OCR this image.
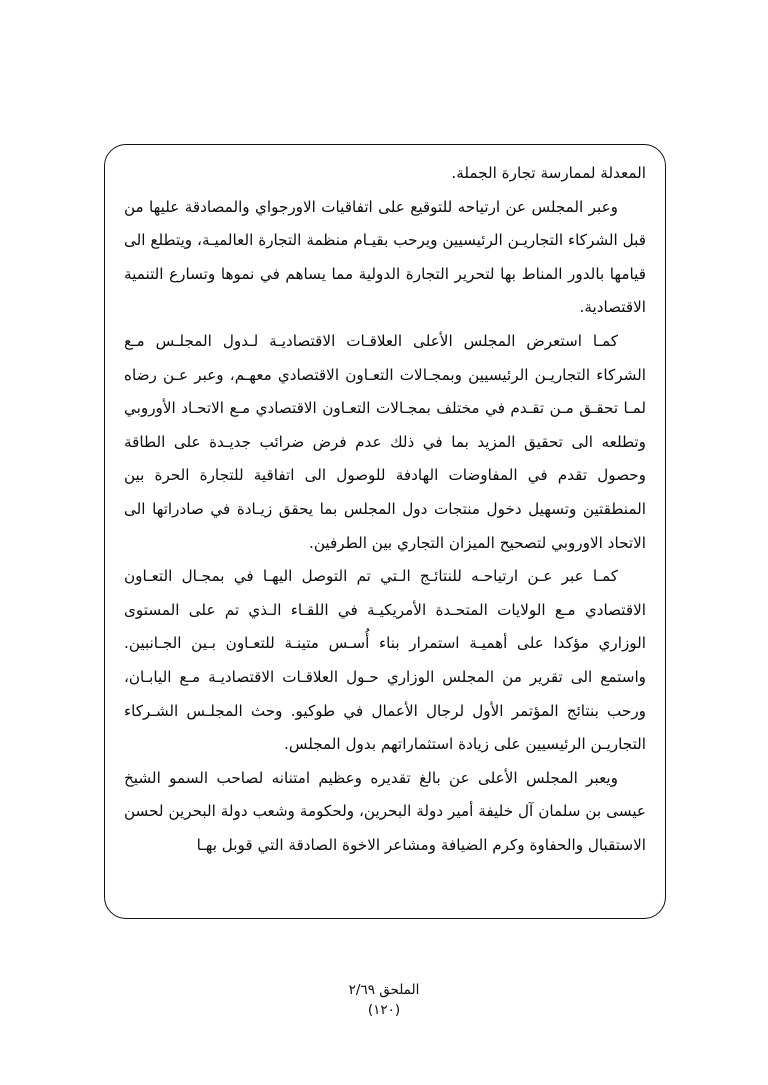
المعدلة لممارسة تجارة الجملة.

وعبر المجلس عن ارتياحه للتوقيع على اتفاقيات الاورجواي والمصادقة عليها من قبل الشركاء التجاريـن الرئيسيين ويرحب بقيـام منظمة التجارة العالميـة، ويتطلع الى قيامها بالدور المناط بها لتحرير التجارة الدولية مما يساهم في نموها وتسارع التنمية الاقتصادية.

كمـا استعرض المجلس الأعلى العلاقـات الاقتصاديـة لـدول المجلـس مـع الشركاء التجاريـن الرئيسيين وبمجـالات التعـاون الاقتصادي معهـم، وعبر عـن رضاه لمـا تحقـق مـن تقـدم في مختلف بمجـالات التعـاون الاقتصادي مـع الاتحـاد الأوروبي وتطلعه الى تحقيق المزيد بما في ذلك عدم فرض ضرائب جديـدة على الطاقة وحصول تقدم في المفاوضات الهادفة للوصول الى اتفاقية للتجارة الحرة بين المنطقتين وتسهيل دخول منتجات دول المجلس بما يحقق زيـادة في صادراتها الى الاتحاد الاوروبي لتصحيح الميزان التجاري بين الطرفين.

كمـا عبر عـن ارتياحـه للنتائـج الـتي تم التوصل اليهـا في بمجـال التعـاون الاقتصادي مـع الولايات المتحـدة الأمريكيـة في اللقـاء الـذي تم على المستوى الوزاري مؤكدا على أهميـة استمرار بناء أُسـس متينـة للتعـاون بـين الجـانبين. واستمع الى تقرير من المجلس الوزاري حـول العلاقـات الاقتصاديـة مـع اليابـان، ورحب بنتائج المؤتمر الأول لرجال الأعمال في طوكيو. وحث المجلـس الشـركاء التجاريـن الرئيسيين على زيادة استثماراتهم بدول المجلس.

ويعبر المجلس الأعلى عن بالغ تقديره وعظيم امتنانه لصاحب السمو الشيخ عيسى بن سلمان آل خليفة أمير دولة البحرين، ولحكومة وشعب دولة البحرين لحسن الاستقبال والحفاوة وكرم الضيافة ومشاعر الاخوة الصادقة التي قوبل بهـا

الملحق ٢/٦٩
(١٢٠)
